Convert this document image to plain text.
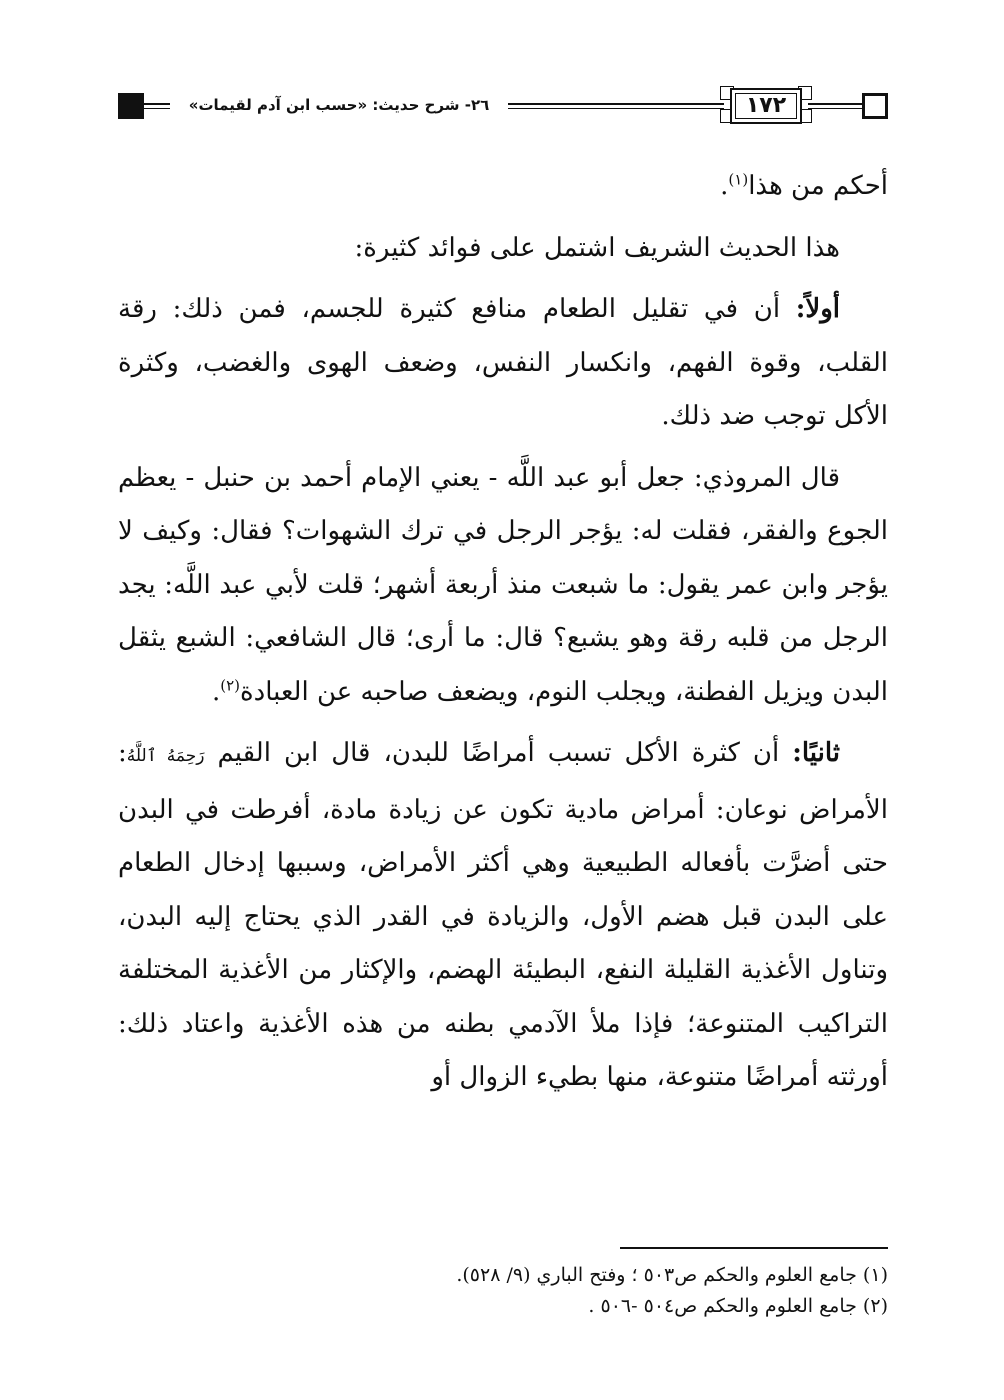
٢٦- شرح حديث: «حسب ابن آدم لقيمات»	١٧٢

أحكم من هذا$^{(١)}$.

هذا الحديث الشريف اشتمل على فوائد كثيرة:

أولاً: أن في تقليل الطعام منافع كثيرة للجسم، فمن ذلك: رقة القلب، وقوة الفهم، وانكسار النفس، وضعف الهوى والغضب، وكثرة الأكل توجب ضد ذلك.

قال المروذي: جعل أبو عبد اللَّه - يعني الإمام أحمد بن حنبل - يعظم الجوع والفقر، فقلت له: يؤجر الرجل في ترك الشهوات؟ فقال: وكيف لا يؤجر وابن عمر يقول: ما شبعت منذ أربعة أشهر؛ قلت لأبي عبد اللَّه: يجد الرجل من قلبه رقة وهو يشبع؟ قال: ما أرى؛ قال الشافعي: الشبع يثقل البدن ويزيل الفطنة، ويجلب النوم، ويضعف صاحبه عن العبادة$^{(٢)}$.

ثانيًا: أن كثرة الأكل تسبب أمراضًا للبدن، قال ابن القيم رَحِمَهُ ٱللَّهُ: الأمراض نوعان: أمراض مادية تكون عن زيادة مادة، أفرطت في البدن حتى أضرَّت بأفعاله الطبيعية وهي أكثر الأمراض، وسببها إدخال الطعام على البدن قبل هضم الأول، والزيادة في القدر الذي يحتاج إليه البدن، وتناول الأغذية القليلة النفع، البطيئة الهضم، والإكثار من الأغذية المختلفة التراكيب المتنوعة؛ فإذا ملأ الآدمي بطنه من هذه الأغذية واعتاد ذلك: أورثته أمراضًا متنوعة، منها بطيء الزوال أو

(١) جامع العلوم والحكم ص٥٠٣ ؛ وفتح الباري (٩/ ٥٢٨).
(٢) جامع العلوم والحكم ص٥٠٤ -٥٠٦ .
